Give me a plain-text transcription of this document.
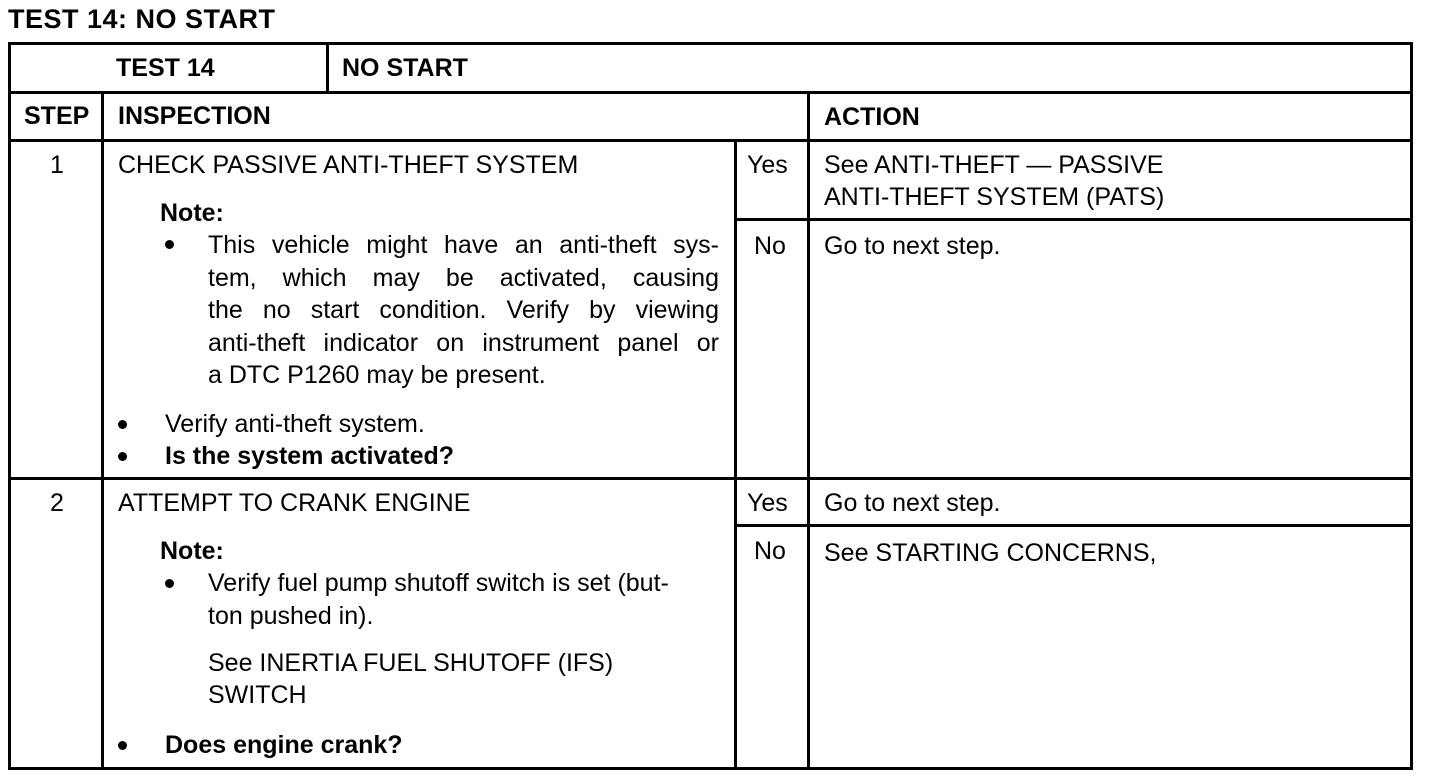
TEST 14: NO START
TEST 14	NO START
STEP INSPECTION	ACTION
1 CHECK PASSIVE ANTI-THEFT SYSTEM
Note:
This vehicle might have an anti-theft sys-
tem, which may be activated, causing
the no start condition. Verify by viewing
anti-theft indicator on instrument panel or
a DTC P1260 may be present.
Verify anti-theft system.
Is the system activated?
Yes See ANTI-THEFT — PASSIVE
ANTI-THEFT SYSTEM (PATS)
No Go to next step.
2 ATTEMPT TO CRANK ENGINE
Note:
Verify fuel pump shutoff switch is set (but-
ton pushed in).
See INERTIA FUEL SHUTOFF (IFS)
SWITCH
Does engine crank?
Yes Go to next step.
No See STARTING CONCERNS,
